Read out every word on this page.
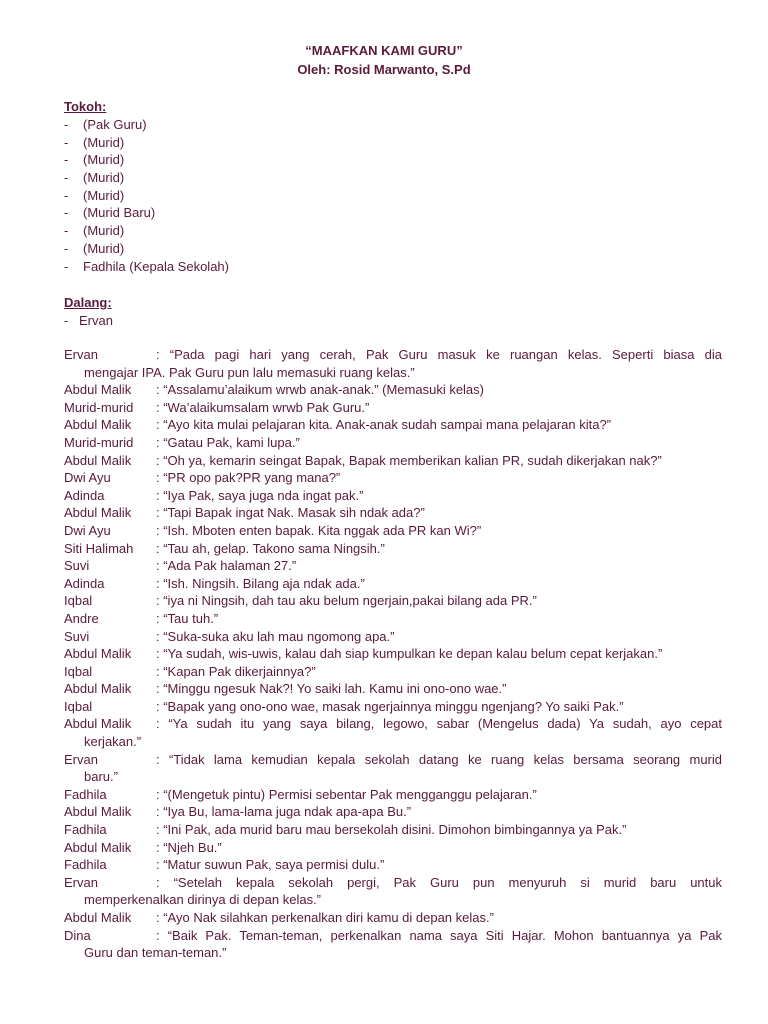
“MAAFKAN KAMI GURU”
Oleh: Rosid Marwanto, S.Pd
Tokoh:
- (Pak Guru)
- (Murid)
- (Murid)
- (Murid)
- (Murid)
- (Murid Baru)
- (Murid)
- (Murid)
- Fadhila (Kepala Sekolah)
Dalang:
- Ervan
Ervan	: “Pada pagi hari yang cerah, Pak Guru masuk ke ruangan kelas. Seperti biasa dia
mengajar IPA. Pak Guru pun lalu memasuki ruang kelas.”
Abdul Malik : “Assalamu’alaikum wrwb anak-anak.” (Memasuki kelas)
Murid-murid : “Wa’alaikumsalam wrwb Pak Guru.”
Abdul Malik : “Ayo kita mulai pelajaran kita. Anak-anak sudah sampai mana pelajaran kita?”
Murid-murid : “Gatau Pak, kami lupa.”
Abdul Malik : “Oh ya, kemarin seingat Bapak, Bapak memberikan kalian PR, sudah dikerjakan nak?”
Dwi Ayu	: “PR opo pak?PR yang mana?”
Adinda	: “Iya Pak, saya juga nda ingat pak.”
Abdul Malik : “Tapi Bapak ingat Nak. Masak sih ndak ada?”
Dwi Ayu	: “Ish. Mboten enten bapak. Kita nggak ada PR kan Wi?”
Siti Halimah : “Tau ah, gelap. Takono sama Ningsih.”
Suvi	: “Ada Pak halaman 27.”
Adinda	: “Ish. Ningsih. Bilang aja ndak ada.”
Iqbal	: “iya ni Ningsih, dah tau aku belum ngerjain,pakai bilang ada PR.”
Andre	: “Tau tuh.”
Suvi	: “Suka-suka aku lah mau ngomong apa.”
Abdul Malik : “Ya sudah, wis-uwis, kalau dah siap kumpulkan ke depan kalau belum cepat kerjakan.”
Iqbal	: “Kapan Pak dikerjainnya?”
Abdul Malik : “Minggu ngesuk Nak?! Yo saiki lah. Kamu ini ono-ono wae.”
Iqbal	: “Bapak yang ono-ono wae, masak ngerjainnya minggu ngenjang? Yo saiki Pak.”
Abdul Malik : “Ya sudah itu yang saya bilang, legowo, sabar (Mengelus dada) Ya sudah, ayo cepat
kerjakan.”
Ervan	: “Tidak lama kemudian kepala sekolah datang ke ruang kelas bersama seorang murid
baru.”
Fadhila	: “(Mengetuk pintu) Permisi sebentar Pak mengganggu pelajaran.”
Abdul Malik : “Iya Bu, lama-lama juga ndak apa-apa Bu.”
Fadhila	: “Ini Pak, ada murid baru mau bersekolah disini. Dimohon bimbingannya ya Pak.”
Abdul Malik : “Njeh Bu.”
Fadhila	: “Matur suwun Pak, saya permisi dulu.”
Ervan	: “Setelah kepala sekolah pergi, Pak Guru pun menyuruh si murid baru untuk
memperkenalkan dirinya di depan kelas.”
Abdul Malik : “Ayo Nak silahkan perkenalkan diri kamu di depan kelas.”
Dina	: “Baik Pak. Teman-teman, perkenalkan nama saya Siti Hajar. Mohon bantuannya ya Pak
Guru dan teman-teman.”
